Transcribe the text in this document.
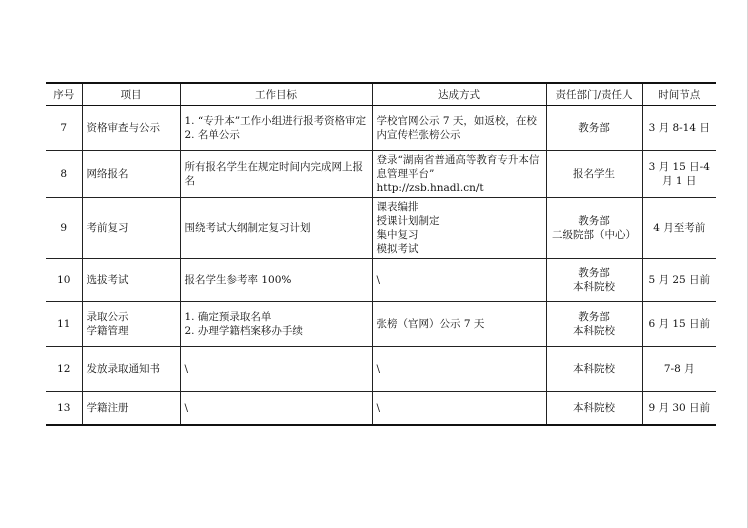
序号	项目	工作目标	达成方式	责任部门/责任人	时间节点
7	资格审查与公示	1. “专升本”工作小组进行报考资格审定
2. 名单公示	学校官网公示 7 天，如返校，在校内宣传栏张榜公示	教务部	3 月 8-14 日

8	网络报名	所有报名学生在规定时间内完成网上报名	登录“湖南省普通高等教育专升本信息管理平台” http://zsb.hnadl.cn/t	报名学生	3 月 15 日-4
月 1 日

9	考前复习	围绕考试大纲制定复习计划	课表编排
授课计划制定
集中复习
模拟考试	教务部
二级院部（中心）	4 月至考前

10	选拔考试	报名学生参考率 100%	\	教务部
本科院校	5 月 25 日前

11	录取公示
学籍管理	1. 确定预录取名单
2. 办理学籍档案移办手续	张榜（官网）公示 7 天	教务部
本科院校	6 月 15 日前

12	发放录取通知书	\	\	本科院校	7-8 月

13	学籍注册	\	\	本科院校	9 月 30 日前
